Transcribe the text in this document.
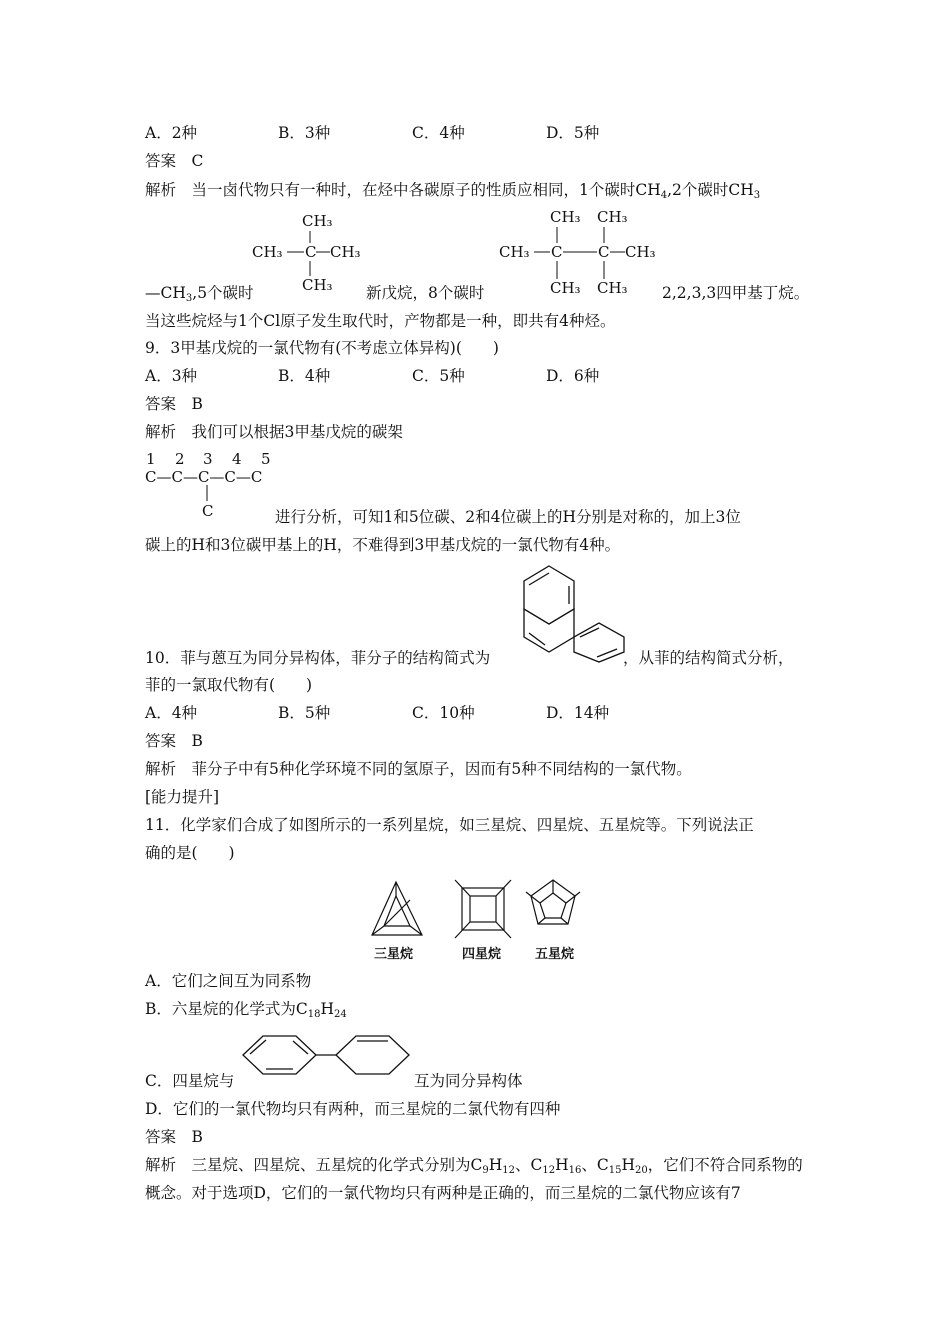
A．2种	B．3种	C．4种	D．5种
答案　C
解析　当一卤代物只有一种时，在烃中各碳原子的性质应相同，1个碳时$CH_4,2$个碳时$CH_3$
CH₃
CH₃ C CH₃
CH₃
CH₃ CH₃
CH₃ C C CH₃
CH₃ CH₃
$—CH_3,5$个碳时	新戊烷，8个碳时	2,2,3,3四甲基丁烷。
当这些烷烃与1个Cl原子发生取代时，产物都是一种，即共有4种烃。
9．3甲基戊烷的一氯代物有(不考虑立体异构)(　　)
A．3种	B．4种	C．5种	D．6种
答案　B
解析　我们可以根据3甲基戊烷的碳架
1 2 3 4 5
C—C—C—C—C
C	进行分析，可知1和5位碳、2和4位碳上的H分别是对称的，加上3位
碳上的H和3位碳甲基上的H，不难得到3甲基戊烷的一氯代物有4种。
10．菲与蒽互为同分异构体，菲分子的结构简式为	，从菲的结构简式分析，
菲的一氯取代物有(　　)
A．4种	B．5种	C．10种	D．14种
答案　B
解析　菲分子中有5种化学环境不同的氢原子，因而有5种不同结构的一氯代物。
[能力提升]
11．化学家们合成了如图所示的一系列星烷，如三星烷、四星烷、五星烷等。下列说法正
确的是(　　)
三星烷	四星烷	五星烷
A．它们之间互为同系物
B．六星烷的化学式为$C_{18}H_{24}$
C．四星烷与	互为同分异构体
D．它们的一氯代物均只有两种，而三星烷的二氯代物有四种
答案　B
解析　三星烷、四星烷、五星烷的化学式分别为$C_9H_{12}$、$C_{12}H_{16}$、$C_{15}H_{20}$，它们不符合同系物的
概念。对于选项D，它们的一氯代物均只有两种是正确的，而三星烷的二氯代物应该有7
